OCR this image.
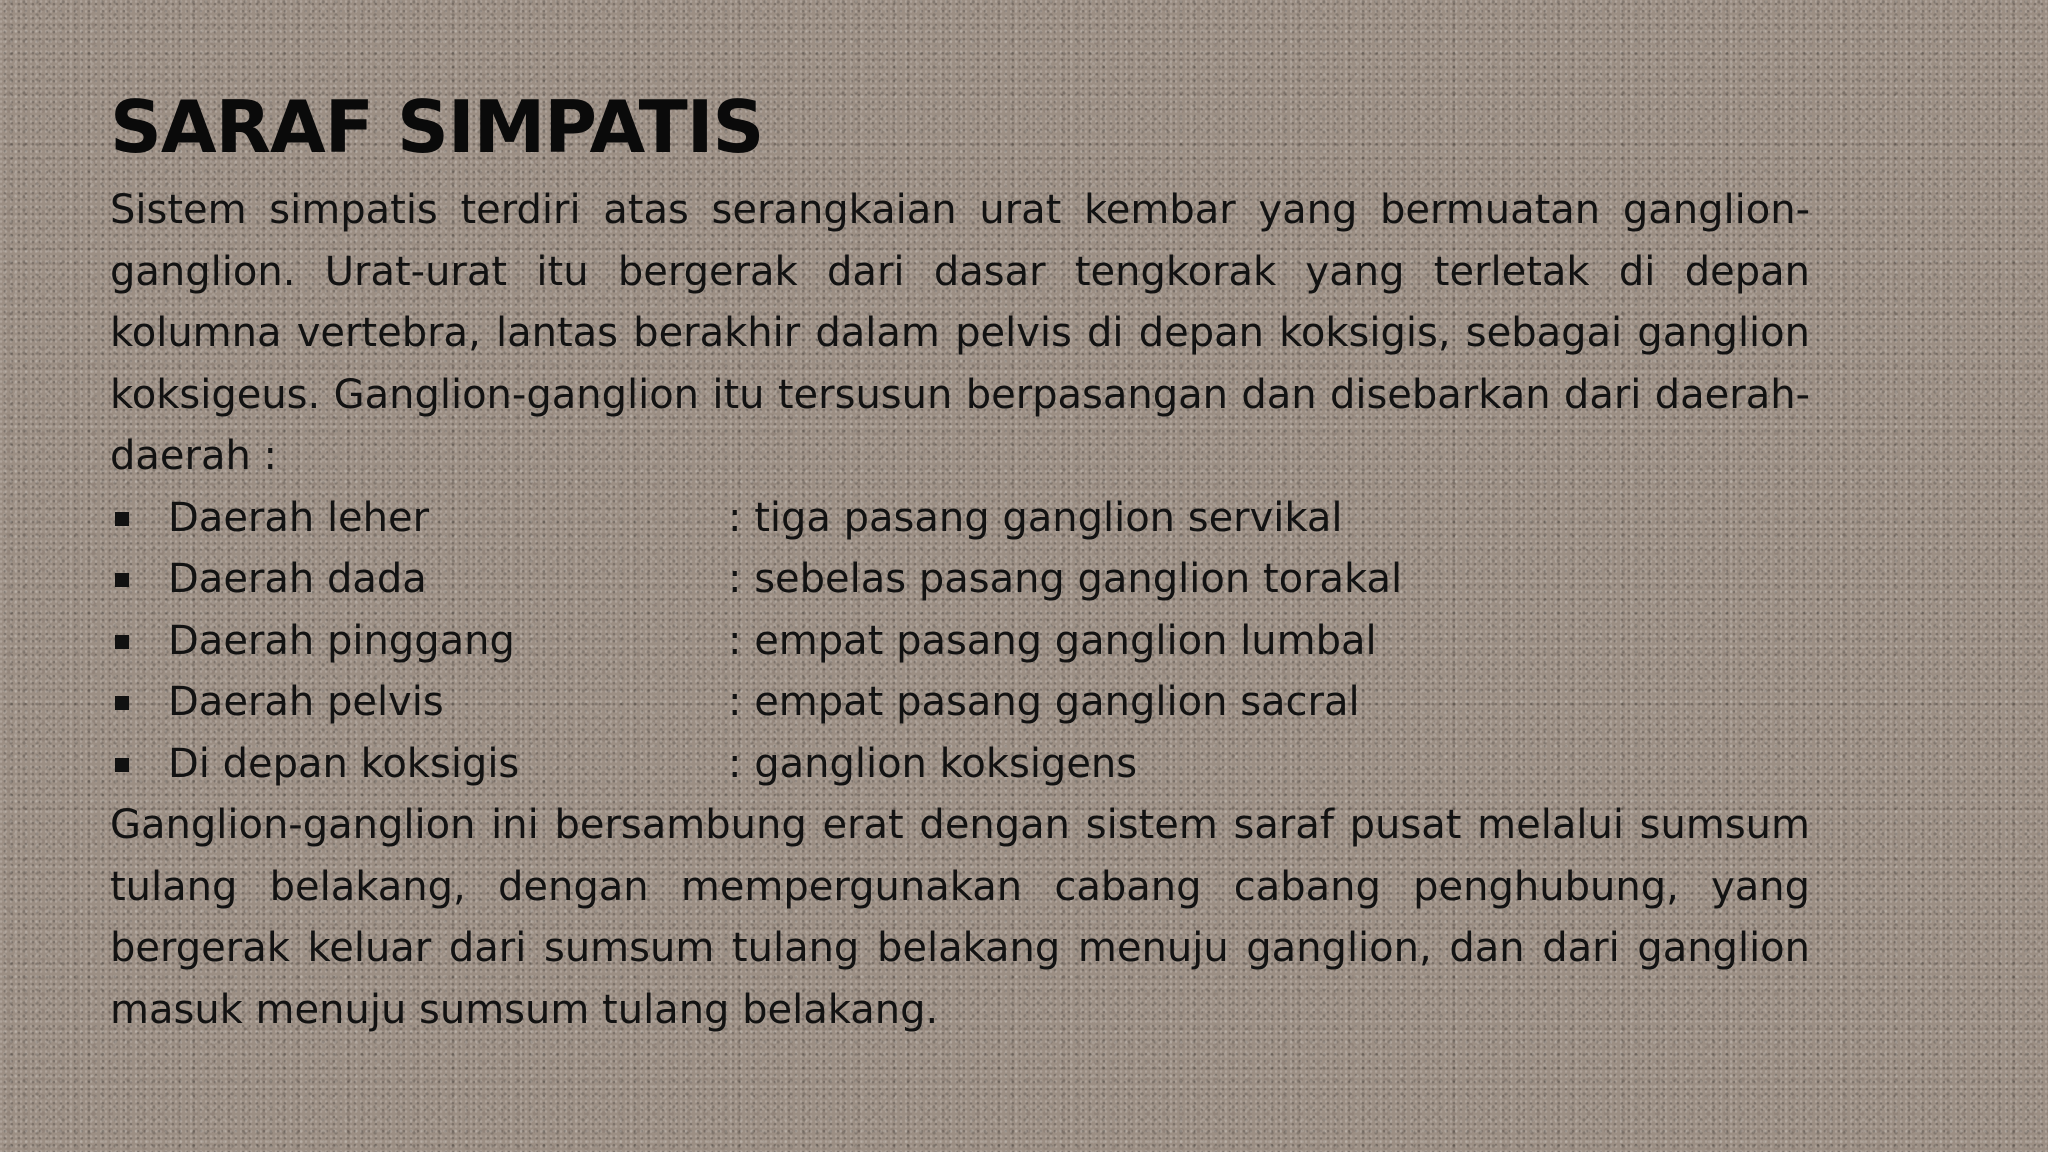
SARAF SIMPATIS

Sistem simpatis terdiri atas serangkaian urat kembar yang bermuatan ganglion-ganglion. Urat-urat itu bergerak dari dasar tengkorak yang terletak di depan kolumna vertebra, lantas berakhir dalam pelvis di depan koksigis, sebagai ganglion koksigeus. Ganglion-ganglion itu tersusun berpasangan dan disebarkan dari daerah-daerah :

Daerah leher	: tiga pasang ganglion servikal
Daerah dada	: sebelas pasang ganglion torakal
Daerah pinggang	: empat pasang ganglion lumbal
Daerah pelvis	: empat pasang ganglion sacral
Di depan koksigis	: ganglion koksigens

Ganglion-ganglion ini bersambung erat dengan sistem saraf pusat melalui sumsum tulang belakang, dengan mempergunakan cabang cabang penghubung, yang bergerak keluar dari sumsum tulang belakang menuju ganglion, dan dari ganglion masuk menuju sumsum tulang belakang.
